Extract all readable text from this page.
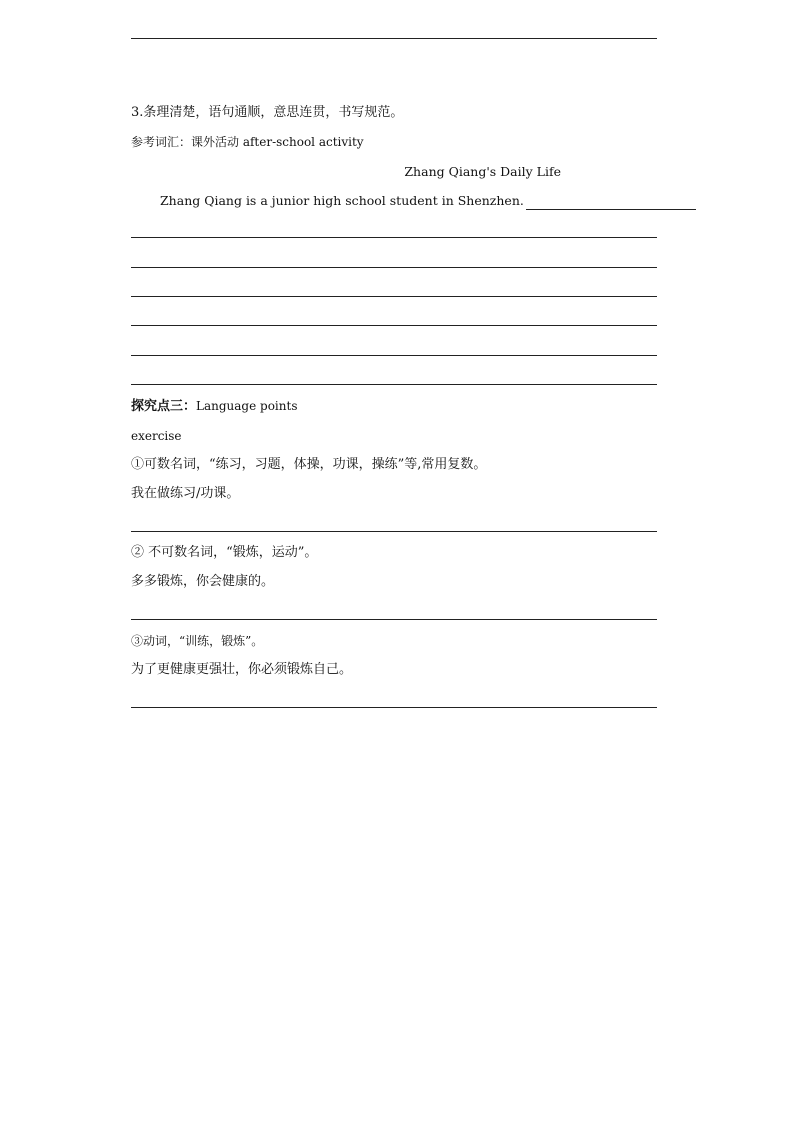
3.条理清楚，语句通顺，意思连贯，书写规范。
参考词汇：课外活动 after-school activity
Zhang Qiang's Daily Life
Zhang Qiang is a junior high school student in Shenzhen.
探究点三：Language points
exercise
①可数名词，“练习，习题，体操，功课，操练”等,常用复数。
我在做练习/功课。
② 不可数名词，“锻炼，运动”。
多多锻炼，你会健康的。
③动词，“训练，锻炼”。
为了更健康更强壮，你必须锻炼自己。
